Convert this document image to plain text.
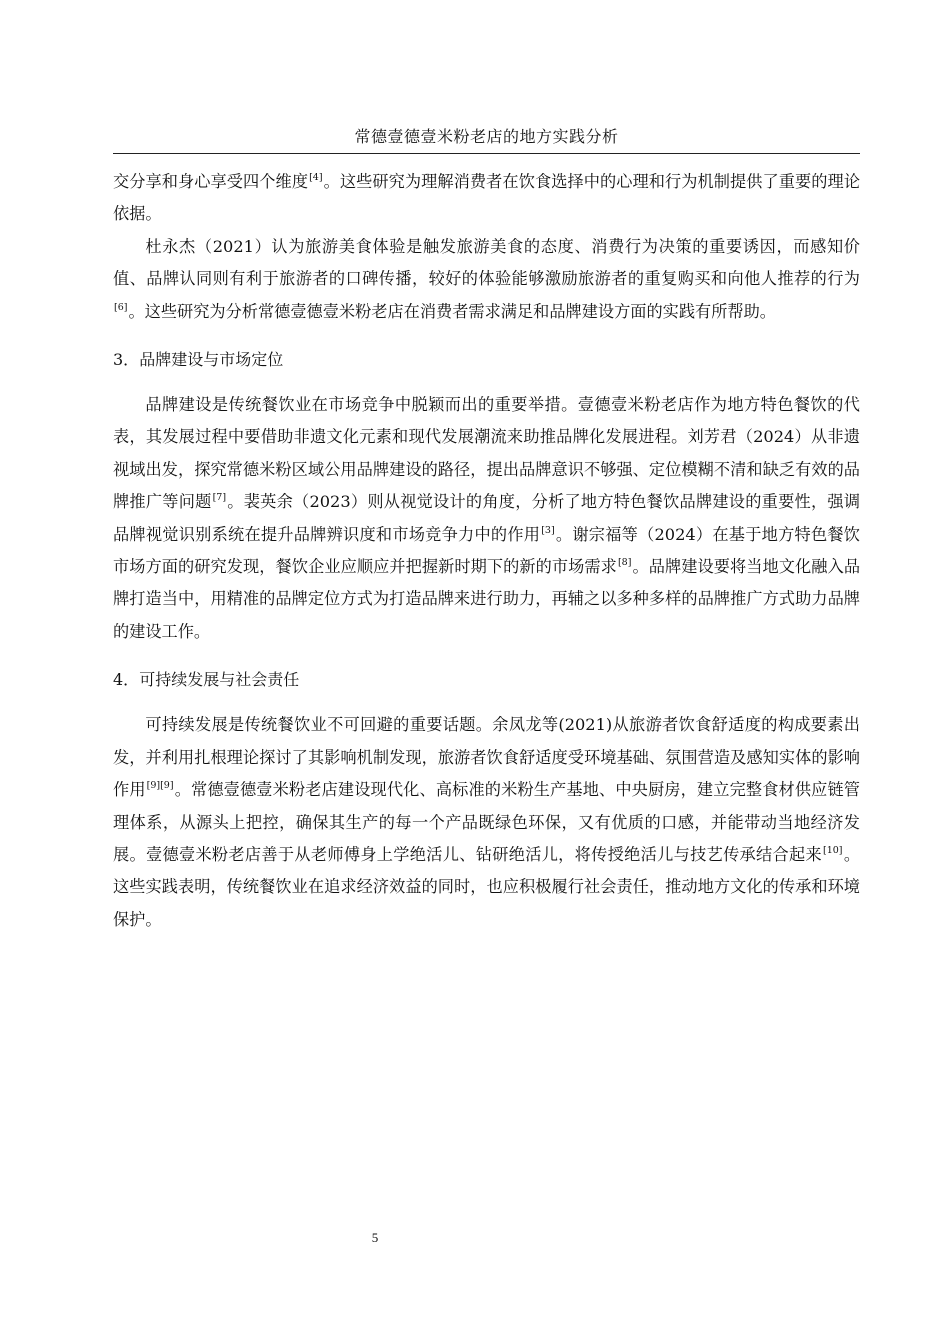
常德壹德壹米粉老店的地方实践分析

交分享和身心享受四个维度[4]。这些研究为理解消费者在饮食选择中的心理和行为机制提供了重要的理论依据。

杜永杰（2021）认为旅游美食体验是触发旅游美食的态度、消费行为决策的重要诱因，而感知价值、品牌认同则有利于旅游者的口碑传播，较好的体验能够激励旅游者的重复购买和向他人推荐的行为[6]。这些研究为分析常德壹德壹米粉老店在消费者需求满足和品牌建设方面的实践有所帮助。

3．品牌建设与市场定位

品牌建设是传统餐饮业在市场竞争中脱颖而出的重要举措。壹德壹米粉老店作为地方特色餐饮的代表，其发展过程中要借助非遗文化元素和现代发展潮流来助推品牌化发展进程。刘芳君（2024）从非遗视域出发，探究常德米粉区域公用品牌建设的路径，提出品牌意识不够强、定位模糊不清和缺乏有效的品牌推广等问题[7]。裴英余（2023）则从视觉设计的角度，分析了地方特色餐饮品牌建设的重要性，强调品牌视觉识别系统在提升品牌辨识度和市场竞争力中的作用[3]。谢宗福等（2024）在基于地方特色餐饮市场方面的研究发现，餐饮企业应顺应并把握新时期下的新的市场需求[8]。品牌建设要将当地文化融入品牌打造当中，用精准的品牌定位方式为打造品牌来进行助力，再辅之以多种多样的品牌推广方式助力品牌的建设工作。

4．可持续发展与社会责任

可持续发展是传统餐饮业不可回避的重要话题。余凤龙等(2021)从旅游者饮食舒适度的构成要素出发，并利用扎根理论探讨了其影响机制发现，旅游者饮食舒适度受环境基础、氛围营造及感知实体的影响作用[9][9]。常德壹德壹米粉老店建设现代化、高标准的米粉生产基地、中央厨房，建立完整食材供应链管理体系，从源头上把控，确保其生产的每一个产品既绿色环保，又有优质的口感，并能带动当地经济发展。壹德壹米粉老店善于从老师傅身上学绝活儿、钻研绝活儿，将传授绝活儿与技艺传承结合起来[10]。这些实践表明，传统餐饮业在追求经济效益的同时，也应积极履行社会责任，推动地方文化的传承和环境保护。

5
